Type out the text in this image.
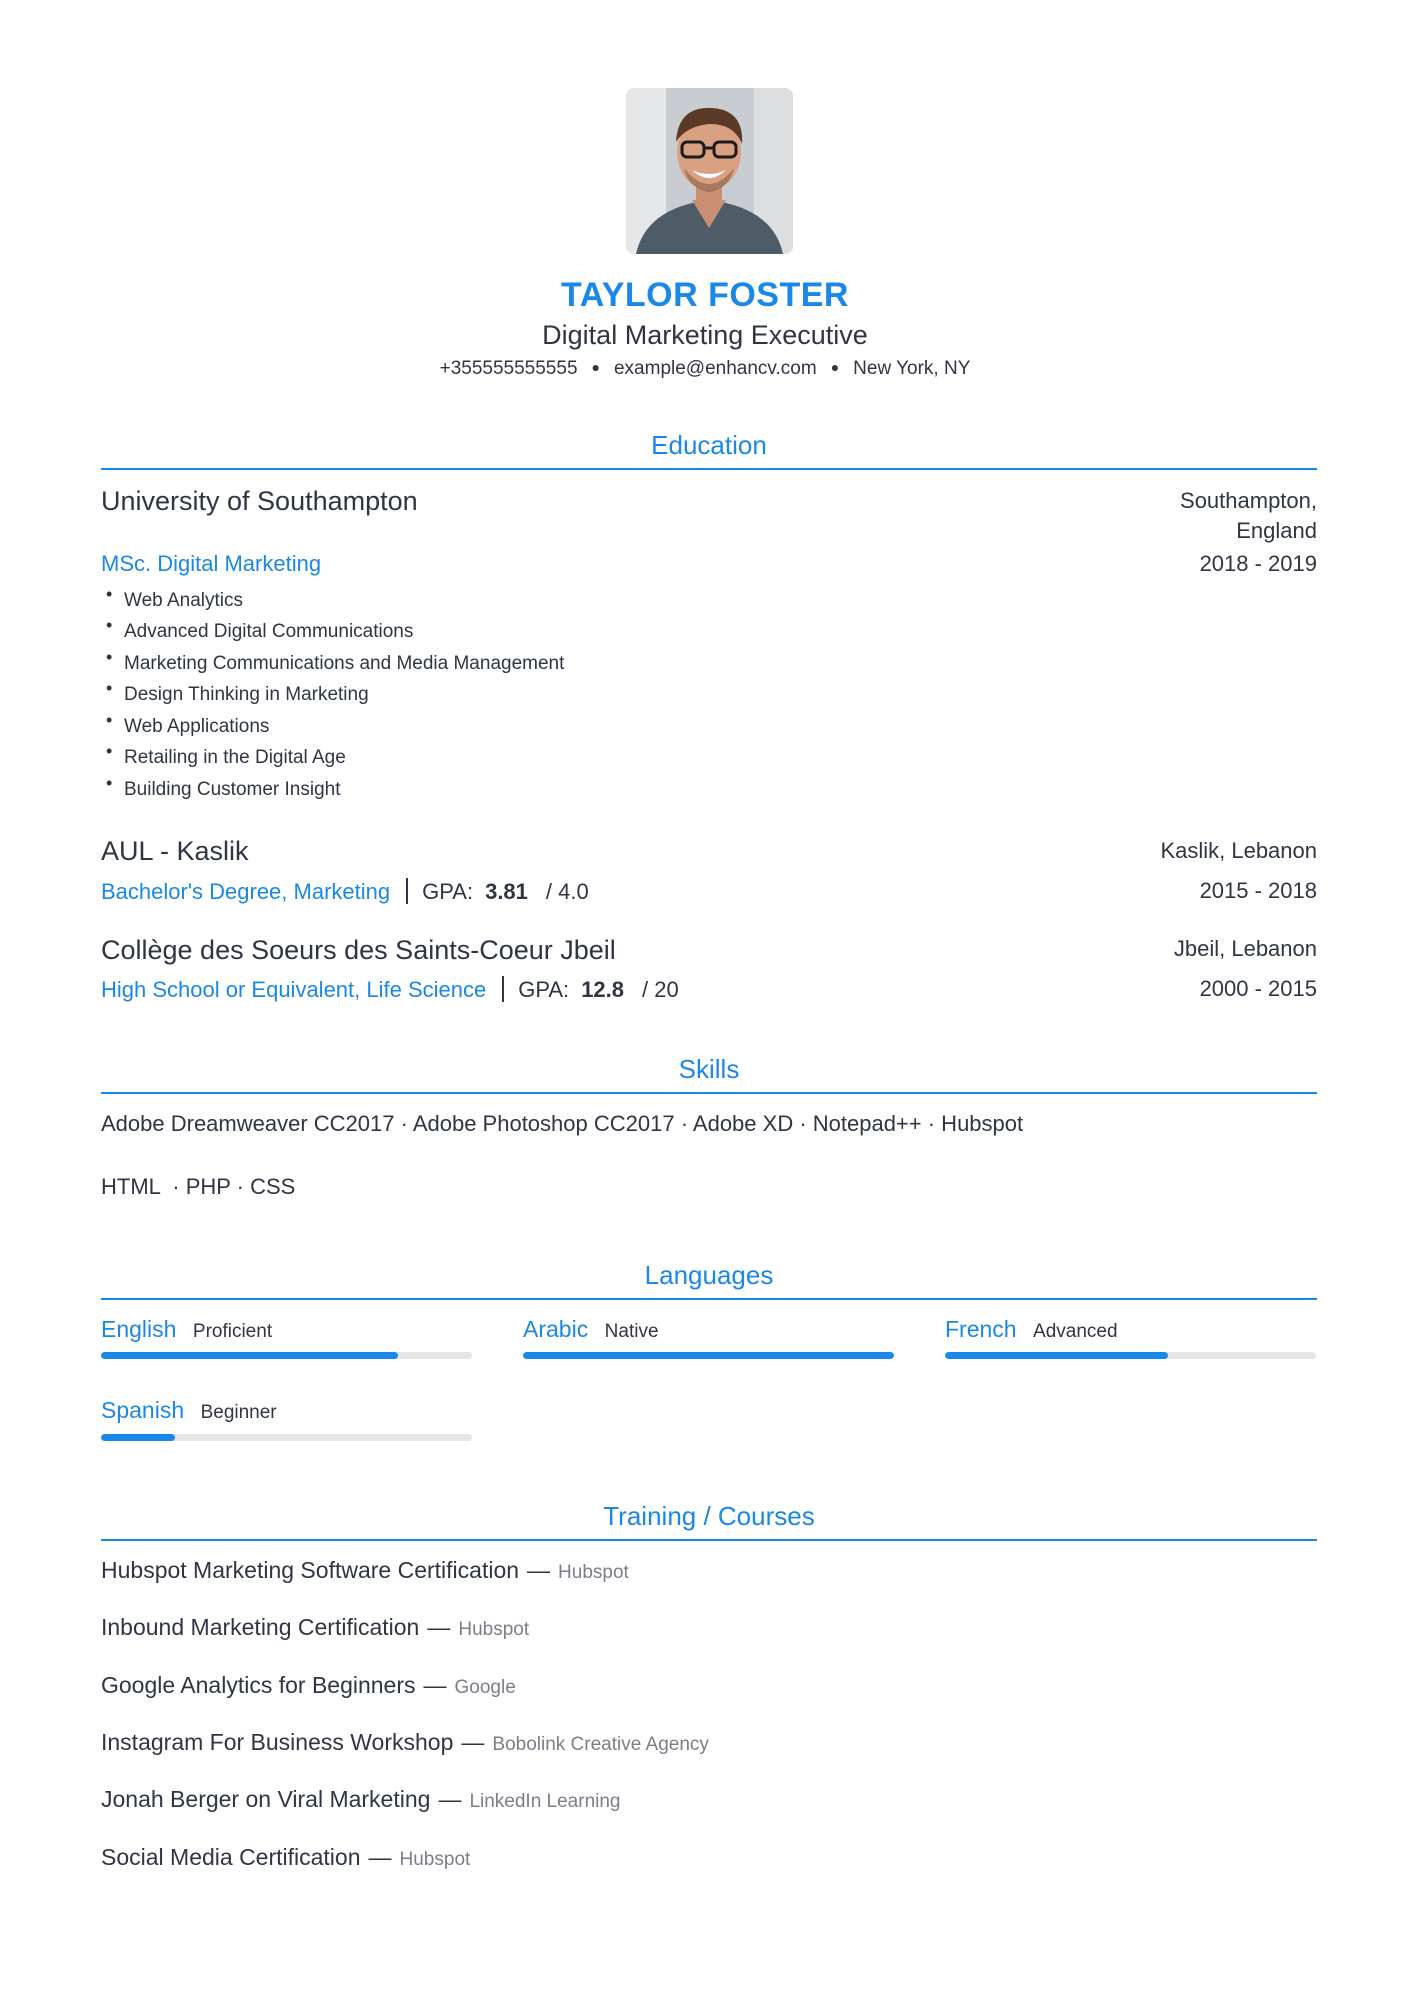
TAYLOR FOSTER
Digital Marketing Executive
+355555555555 ● example@enhancv.com ● New York, NY
Education
University of Southampton	Southampton,
England
MSc. Digital Marketing	2018 - 2019
• Web Analytics
• Advanced Digital Communications
• Marketing Communications and Media Management
• Design Thinking in Marketing
• Web Applications
• Retailing in the Digital Age
• Building Customer Insight
AUL - Kaslik	Kaslik, Lebanon
Bachelor's Degree, Marketing GPA: 3.81 / 4.0	2015 - 2018
Collège des Soeurs des Saints-Coeur Jbeil	Jbeil, Lebanon
High School or Equivalent, Life Science GPA: 12.8 / 20	2000 - 2015
Skills
Adobe Dreamweaver CC2017 · Adobe Photoshop CC2017 · Adobe XD · Notepad++ · Hubspot
HTML  · PHP · CSS
Languages
English Proficient	Arabic Native	French Advanced
Spanish Beginner
Training / Courses
Hubspot Marketing Software Certification — Hubspot
Inbound Marketing Certification — Hubspot
Google Analytics for Beginners — Google
Instagram For Business Workshop — Bobolink Creative Agency
Jonah Berger on Viral Marketing — LinkedIn Learning
Social Media Certification — Hubspot
